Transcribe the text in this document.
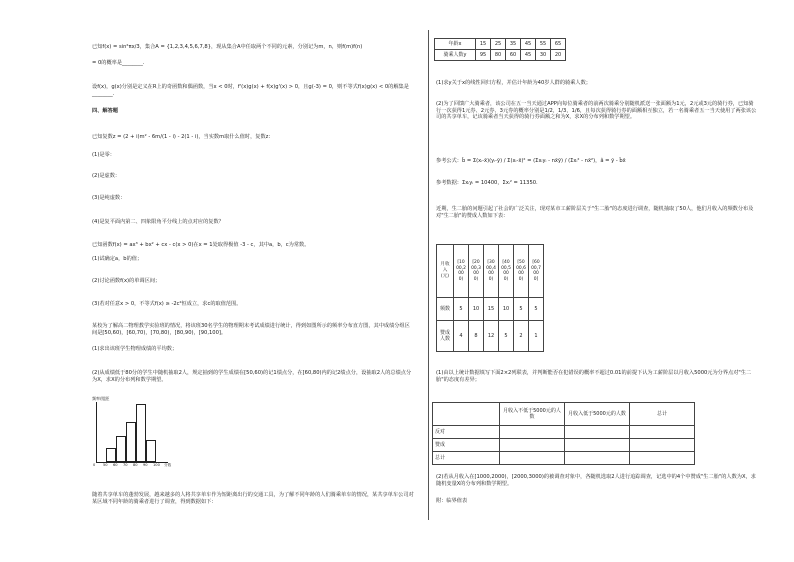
已知f(x) = sin²πx/3，集合A = {1,2,3,4,5,6,7,8}，现从集合A中任取两个不同的元素，分别记为m，n，则f(m)f(n)
= 0的概率是________.
设f(x)，g(x)分别是定义在R上的奇函数和偶函数，当x < 0时，f'(x)g(x) + f(x)g'(x) > 0，且g(-3) = 0，则不等式f(x)g(x) < 0的解集是________.
四、解答题
已知复数z = (2 + i)m² - 6m/(1 - i) - 2(1 - i)，当实数m取什么值时，复数z：
(1)是零：
(2)是虚数：
(3)是纯虚数：
(4)是复平面内第二、四象限角平分线上的点对应的复数？
已知函数f(x) = ax³ + bx² + cx - c(x > 0)在x = 1处取得极值 -3 - c，其中a，b，c为常数。
(1)试确定a，b的值；
(2)讨论函数f(x)的单调区间；
(3)若对任意x > 0，不等式f(x) ≥ -2c²恒成立，求c的取值范围。
某校为了解高二物理教学实验班的情况，将该班30名学生的物理期末考试成绩进行统计，得到如图所示的频率分布直方图，其中成绩分组区间是[50,60)，[60,70)，[70,80)，[80,90)，[90,100]。
(1)求出该班学生物理成绩的平均数；
(2)从成绩低于80分的学生中随机抽取2人，规定抽到的学生成绩在[50,60)的记1绩点分，在[60,80)内的记2绩点分，设抽取2人的总绩点分为X，求X的分布列和数学期望。
频率/组距
0 50 60 70 80 90 100 分数
随着共享单车的蓬勃发展，越来越多的人将共享单车作为短距离出行的交通工具，为了解不同年龄的人们骑乘单车的情况，某共享单车公司对某区域不同年龄的骑乘者进行了调查，得到数据如下：
年龄x	15	25	35	45	55	65
骑乘人数y	95	80	60	45	30	20
(1)求y关于x的线性回归方程，并估计年龄为40岁人群的骑乘人数；
(2)为了回馈广大骑乘者，该公司在五一当天通过APP向每位骑乘者的前两次骑乘分别随机派送一张面额为1元，2元或3元的骑行券，已知骑行一次获得1元券、2元券、3元券的概率分别是1/2，1/3，1/6，且每次获得骑行券的面额相互独立，若一名骑乘者五一当天使用了两张该公司的共享单车，记该骑乘者当天获得的骑行券面额之和为X，求X的分布列和数学期望。
参考公式：b̂ = Σ(xᵢ-x̄)(yᵢ-ȳ) / Σ(xᵢ-x̄)² = (Σxᵢyᵢ - nx̄ȳ) / (Σxᵢ² - nx̄²)，â = ȳ - b̂x̄
参考数据：Σxᵢyᵢ = 10400，Σxᵢ² = 11350.
近期，生二胎的问题引起了社会的广泛关注，现对某市工薪阶层关于"生二胎"的态度进行调查，随机抽取了50人，他们月收入的频数分布及对"生二胎"的赞成人数如下表：
月收入(元)	[1000,2000)	[2000,3000)	[3000,4000)	[4000,5000)	[5000,6000)	[6000,7000]
频数	5	10	15	10	5	5
赞成人数	4	8	12	5	2	1
(1)由以上统计数据填写下面2×2列联表，并判断能否在犯错误的概率不超过0.01的前提下认为工薪阶层以月收入5000元为分界点对"生二胎"的态度有差异；
	月收入不低于5000元的人数	月收入低于5000元的人数	总计
反对			
赞成			
总计			
(2)若从月收入在[1000,2000)，[2000,3000)的被调查对象中，各随机选取2人进行追踪调查，记选中的4个中赞成"生二胎"的人数为X，求随机变量X的分布列和数学期望。
附：临界值表
